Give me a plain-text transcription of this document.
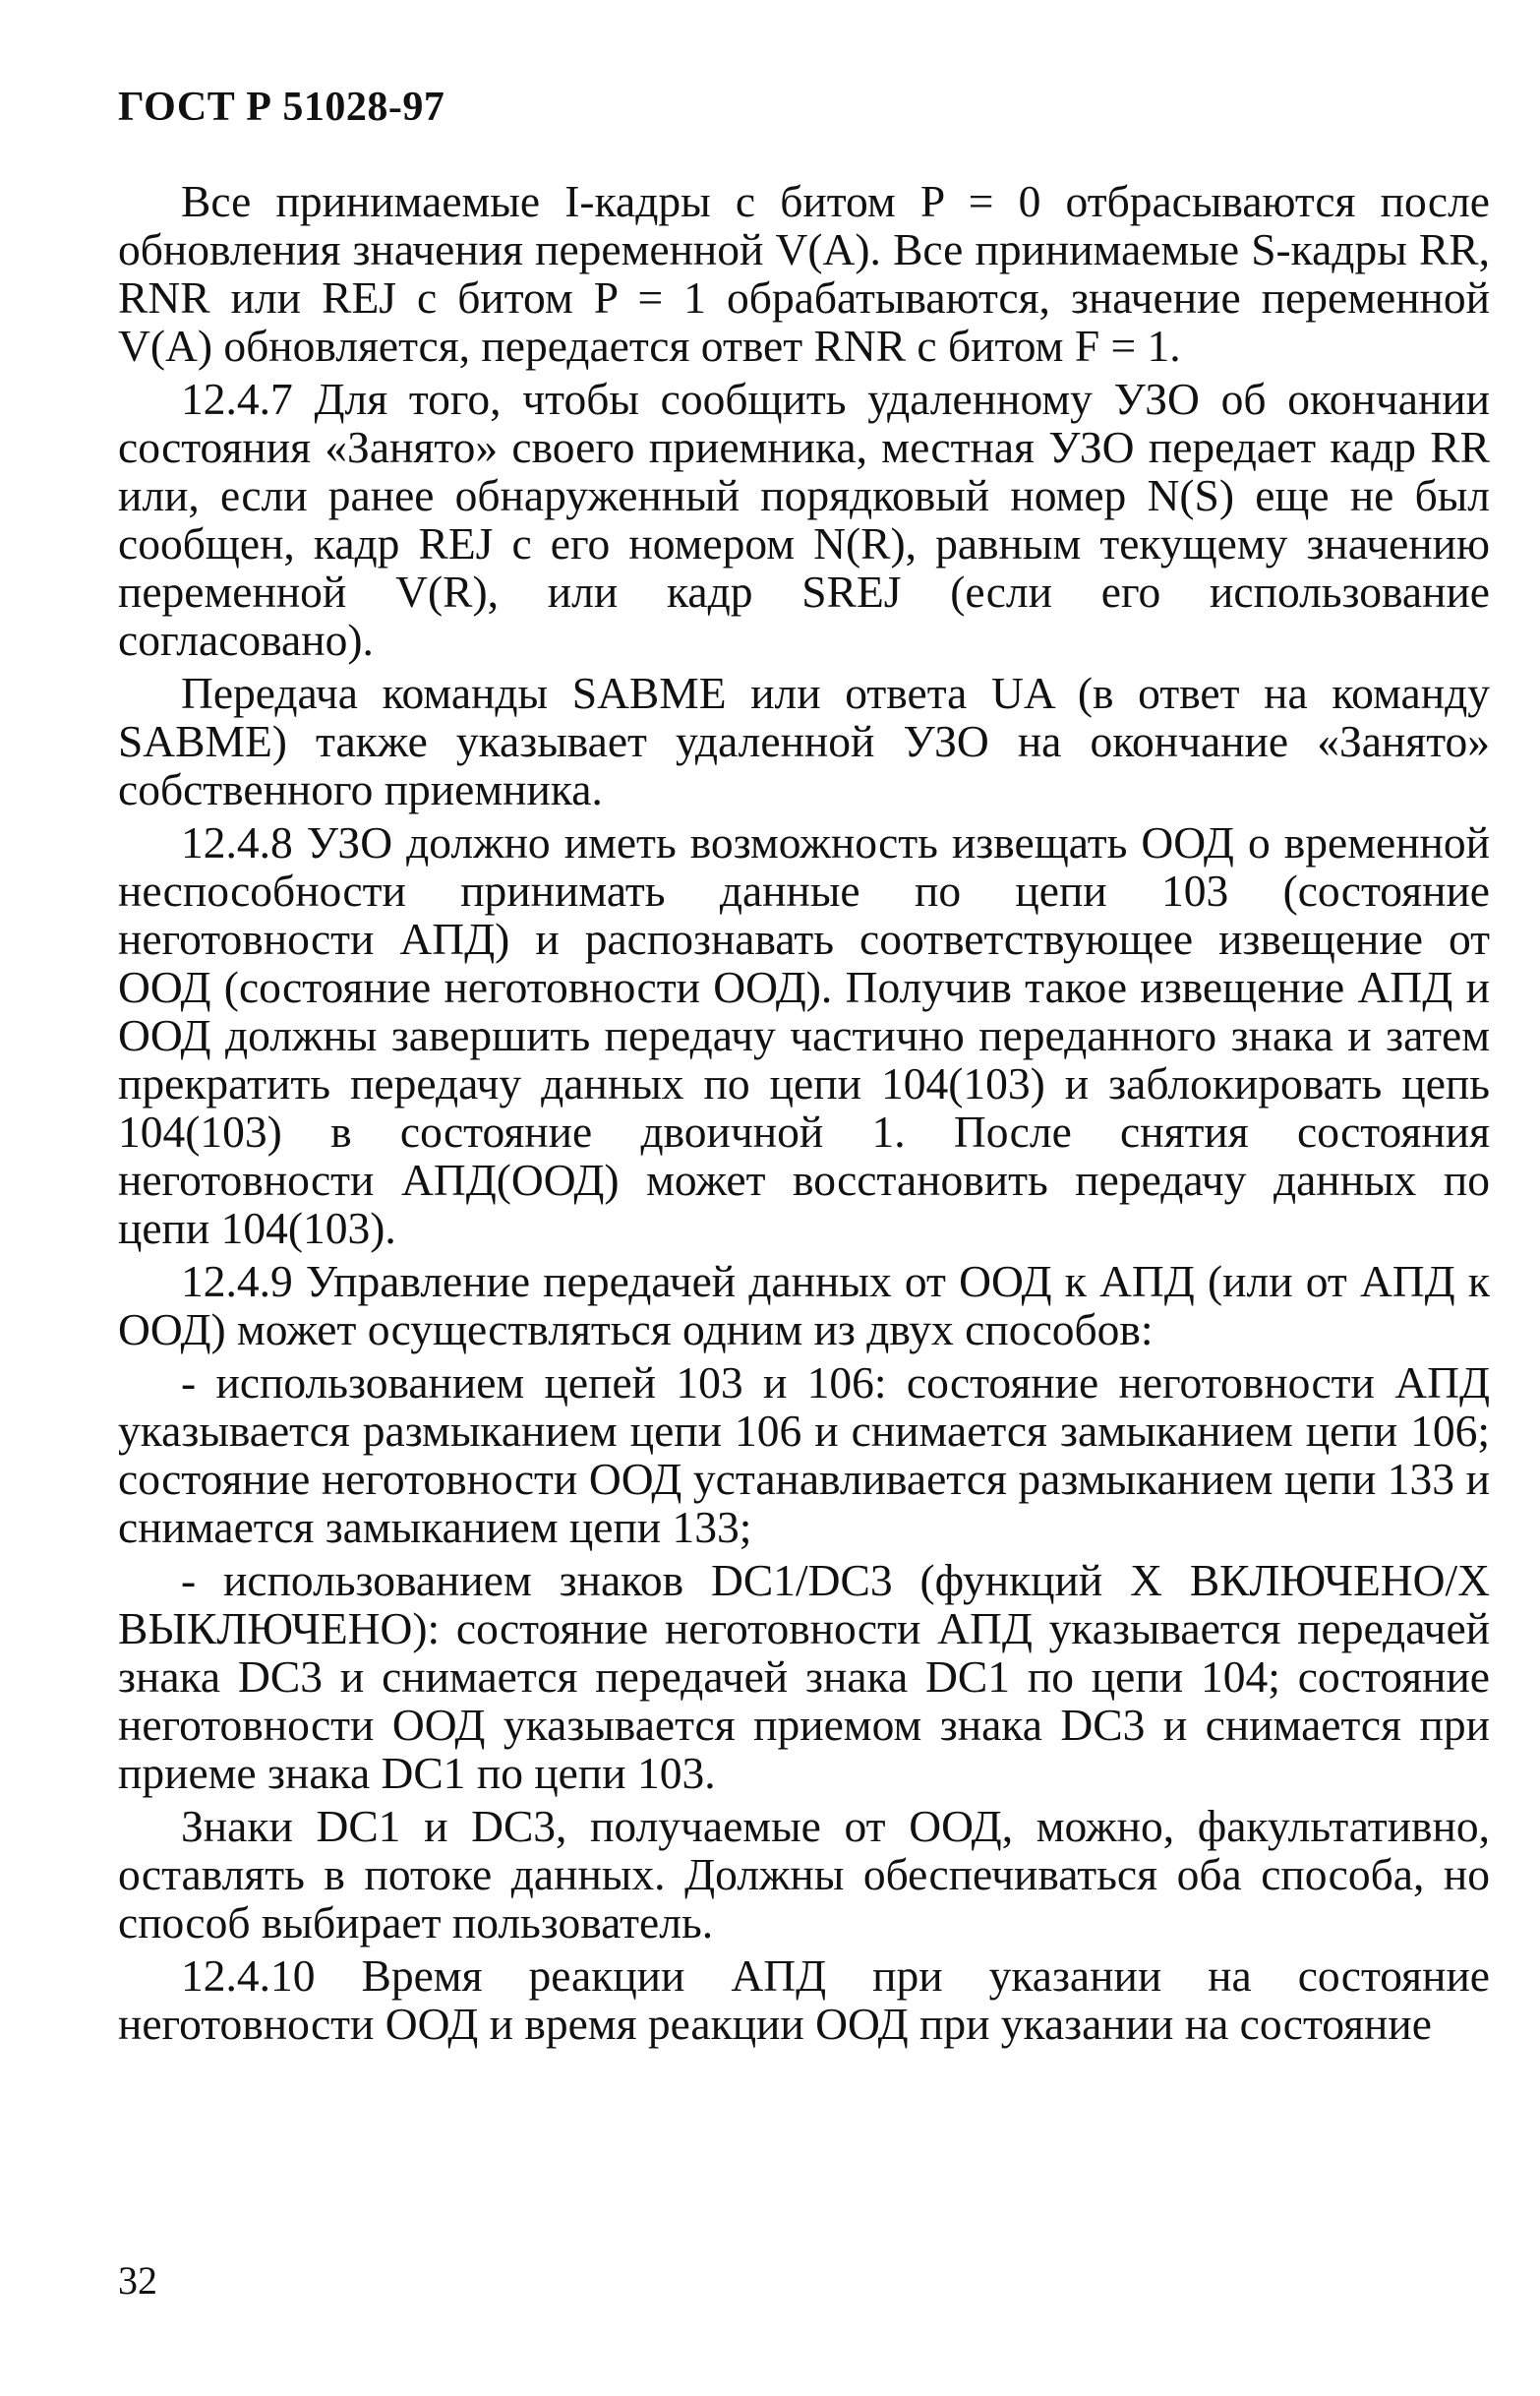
ГОСТ Р 51028-97

Все принимаемые I-кадры с битом P = 0 отбрасываются после обновления значения переменной V(A). Все принимаемые S-кадры RR, RNR или REJ с битом P = 1 обрабатываются, значение переменной V(A) обновляется, передается ответ RNR с битом F = 1.

12.4.7 Для того, чтобы сообщить удаленному УЗО об окончании состояния «Занято» своего приемника, местная УЗО передает кадр RR или, если ранее обнаруженный порядковый номер N(S) еще не был сообщен, кадр REJ с его номером N(R), равным текущему значению переменной V(R), или кадр SREJ (если его использование согласовано).

Передача команды SABME или ответа UA (в ответ на команду SABME) также указывает удаленной УЗО на окончание «Занято» собственного приемника.

12.4.8 УЗО должно иметь возможность извещать ООД о временной неспособности принимать данные по цепи 103 (состояние неготовности АПД) и распознавать соответствующее извещение от ООД (состояние неготовности ООД). Получив такое извещение АПД и ООД должны завершить передачу частично переданного знака и затем прекратить передачу данных по цепи 104(103) и заблокировать цепь 104(103) в состояние двоичной 1. После снятия состояния неготовности АПД(ООД) может восстановить передачу данных по цепи 104(103).

12.4.9 Управление передачей данных от ООД к АПД (или от АПД к ООД) может осуществляться одним из двух способов:

- использованием цепей 103 и 106: состояние неготовности АПД указывается размыканием цепи 106 и снимается замыканием цепи 106; состояние неготовности ООД устанавливается размыканием цепи 133 и снимается замыканием цепи 133;

- использованием знаков DC1/DC3 (функций X ВКЛЮЧЕНО/X ВЫКЛЮЧЕНО): состояние неготовности АПД указывается передачей знака DC3 и снимается передачей знака DC1 по цепи 104; состояние неготовности ООД указывается приемом знака DC3 и снимается при приеме знака DC1 по цепи 103.

Знаки DC1 и DC3, получаемые от ООД, можно, факультативно, оставлять в потоке данных. Должны обеспечиваться оба способа, но способ выбирает пользователь.

12.4.10 Время реакции АПД при указании на состояние неготовности ООД и время реакции ООД при указании на состояние

32
